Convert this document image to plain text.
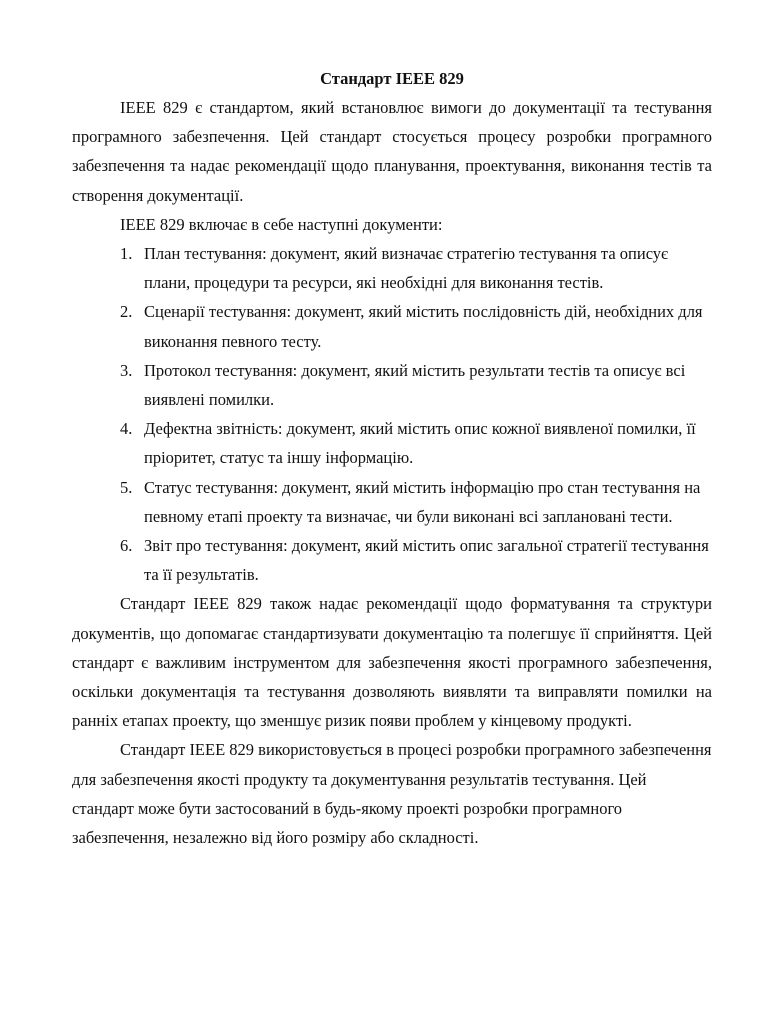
Стандарт IEEE 829

IEEE 829 є стандартом, який встановлює вимоги до документації та тестування програмного забезпечення. Цей стандарт стосується процесу розробки програмного забезпечення та надає рекомендації щодо планування, проектування, виконання тестів та створення документації.

IEEE 829 включає в себе наступні документи:

1. План тестування: документ, який визначає стратегію тестування та описує плани, процедури та ресурси, які необхідні для виконання тестів.
2. Сценарії тестування: документ, який містить послідовність дій, необхідних для виконання певного тесту.
3. Протокол тестування: документ, який містить результати тестів та описує всі виявлені помилки.
4. Дефектна звітність: документ, який містить опис кожної виявленої помилки, її пріоритет, статус та іншу інформацію.
5. Статус тестування: документ, який містить інформацію про стан тестування на певному етапі проекту та визначає, чи були виконані всі заплановані тести.
6. Звіт про тестування: документ, який містить опис загальної стратегії тестування та її результатів.

Стандарт IEEE 829 також надає рекомендації щодо форматування та структури документів, що допомагає стандартизувати документацію та полегшує її сприйняття. Цей стандарт є важливим інструментом для забезпечення якості програмного забезпечення, оскільки документація та тестування дозволяють виявляти та виправляти помилки на ранніх етапах проекту, що зменшує ризик появи проблем у кінцевому продукті.

Стандарт IEEE 829 використовується в процесі розробки програмного забезпечення для забезпечення якості продукту та документування результатів тестування. Цей стандарт може бути застосований в будь-якому проекті розробки програмного забезпечення, незалежно від його розміру або складності.
